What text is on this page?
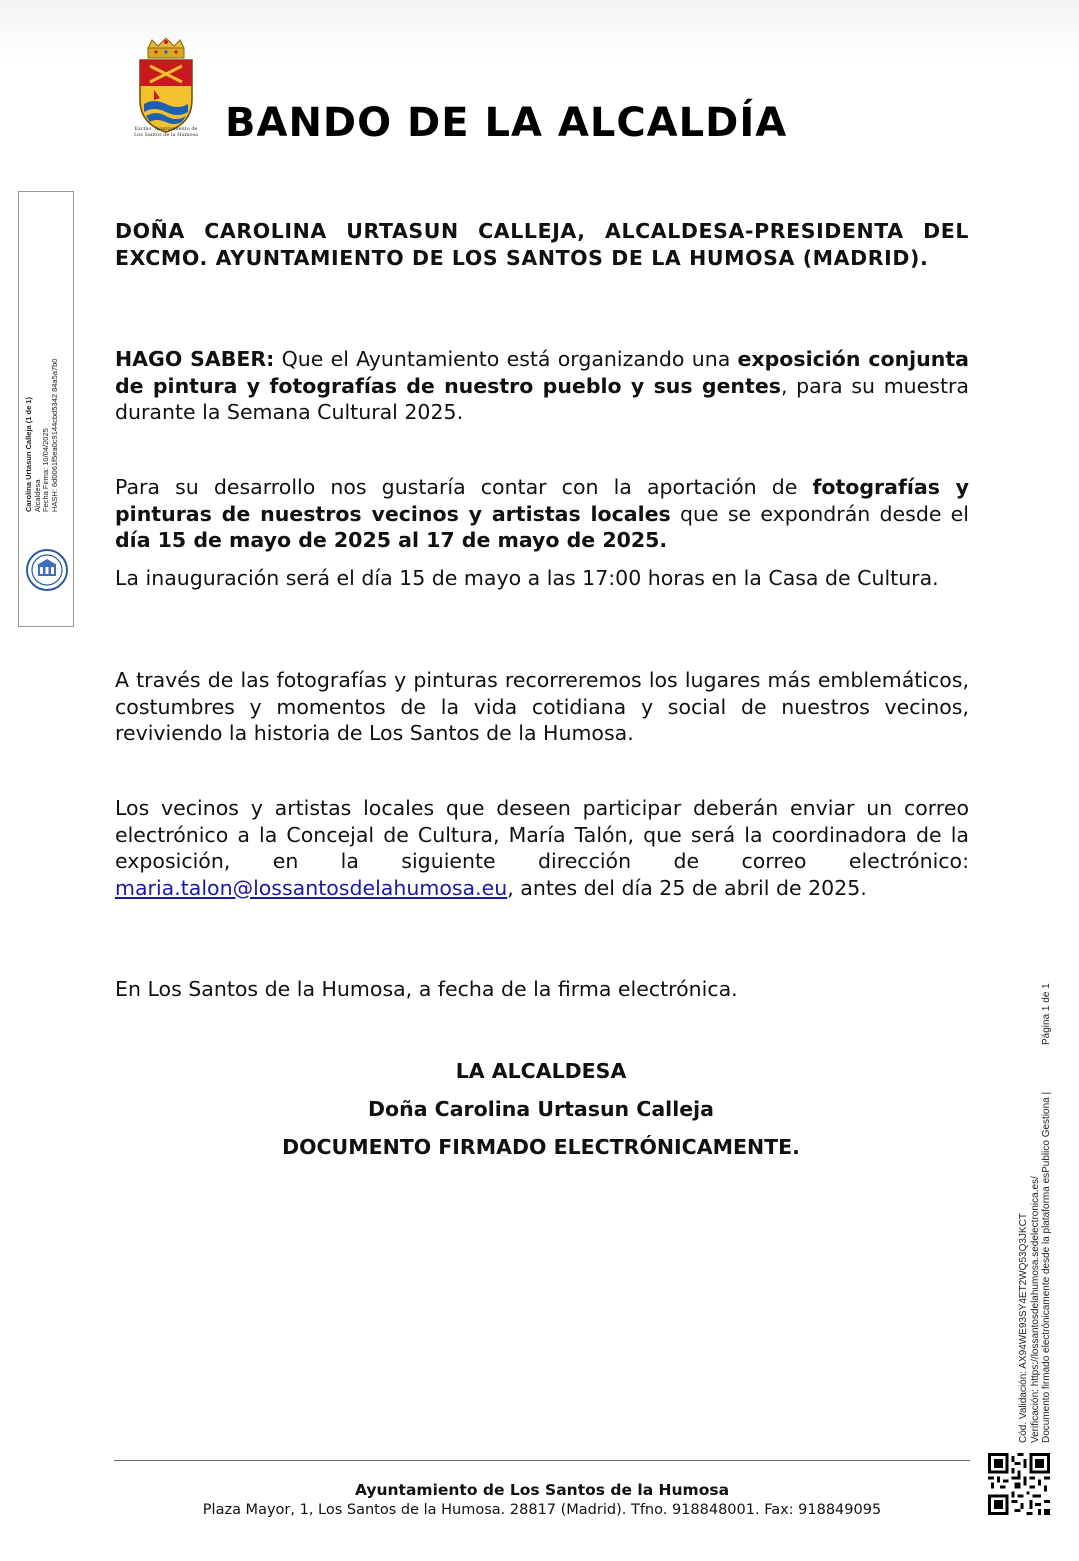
Excmo. Ayuntamiento de
Los Santos de la Humosa BANDO DE LA ALCALDÍA
Carolina Urtasun Calleja (1 de 1) Alcaldesa Fecha Firma: 10/04/2025 HASH: 6d0061f5ea0c9144cbd5342 84a5a7b0

DOÑA CAROLINA URTASUN CALLEJA, ALCALDESA-PRESIDENTA DEL EXCMO. AYUNTAMIENTO DE LOS SANTOS DE LA HUMOSA (MADRID).

HAGO SABER: Que el Ayuntamiento está organizando una exposición conjunta de pintura y fotografías de nuestro pueblo y sus gentes, para su muestra durante la Semana Cultural 2025.

Para su desarrollo nos gustaría contar con la aportación de fotografías y pinturas de nuestros vecinos y artistas locales que se expondrán desde el día 15 de mayo de 2025 al 17 de mayo de 2025.

La inauguración será el día 15 de mayo a las 17:00 horas en la Casa de Cultura.

A través de las fotografías y pinturas recorreremos los lugares más emblemáticos, costumbres y momentos de la vida cotidiana y social de nuestros vecinos, reviviendo la historia de Los Santos de la Humosa.

Los vecinos y artistas locales que deseen participar deberán enviar un correo electrónico a la Concejal de Cultura, María Talón, que será la coordinadora de la exposición, en la siguiente dirección de correo electrónico: maria.talon@lossantosdelahumosa.eu, antes del día 25 de abril de 2025.

En Los Santos de la Humosa, a fecha de la firma electrónica.

LA ALCALDESA
Doña Carolina Urtasun Calleja
DOCUMENTO FIRMADO ELECTRÓNICAMENTE.
Cód. Validación: AX94WE93SY4ET2WQ53Q3JKCT Verificación: https://lossantosdelahumosa.sedelectronica.es/ Documento firmado electrónicamente desde la plataforma esPublico Gestiona |
Página 1 de 1
Ayuntamiento de Los Santos de la Humosa
Plaza Mayor, 1, Los Santos de la Humosa. 28817 (Madrid). Tfno. 918848001. Fax: 918849095
